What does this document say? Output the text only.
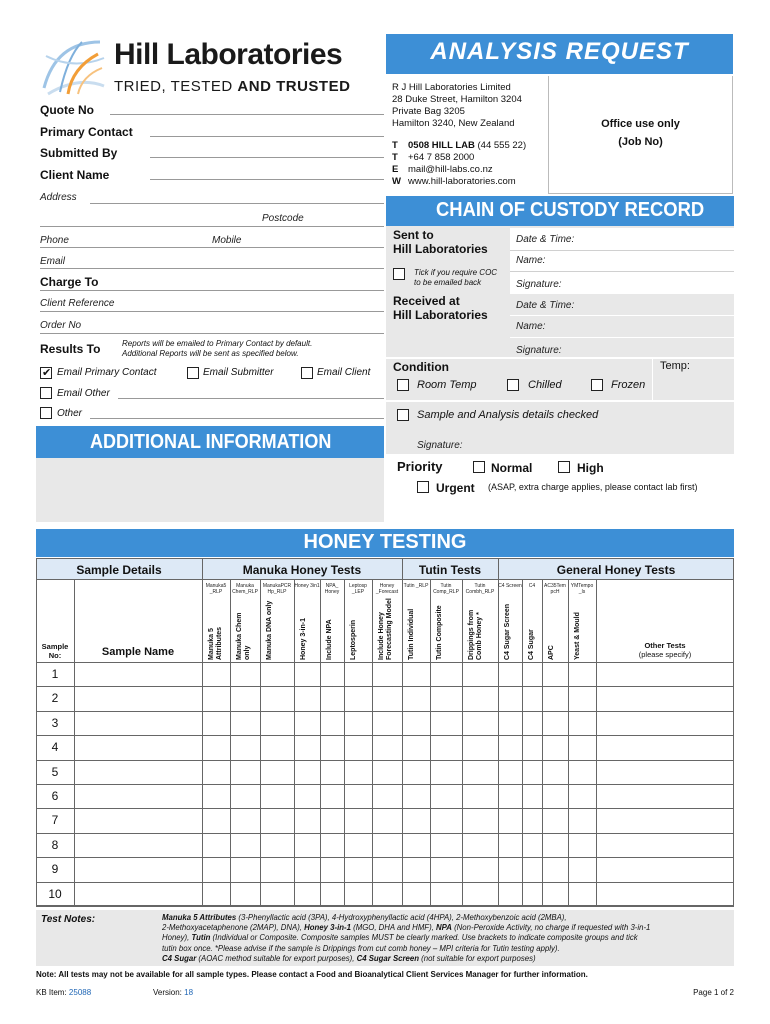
Hill Laboratories
TRIED, TESTED AND TRUSTED
ANALYSIS REQUEST
R J Hill Laboratories Limited
28 Duke Street, Hamilton 3204
Private Bag 3205
Hamilton 3240, New Zealand
T 0508 HILL LAB (44 555 22)
T +64 7 858 2000
E mail@hill-labs.co.nz
W www.hill-laboratories.com
Office use only
(Job No)
Quote No
Primary Contact
Submitted By
Client Name
Address
Postcode
Phone	Mobile
Email
Charge To
Client Reference
Order No
Results To	Reports will be emailed to Primary Contact by default.
Additional Reports will be sent as specified below.
✔ Email Primary Contact	Email Submitter	Email Client
Email Other
Other
ADDITIONAL INFORMATION
CHAIN OF CUSTODY RECORD
Sent to
Hill Laboratories
Date & Time:
Name:
Tick if you require COC
to be emailed back	Signature:
Received at
Hill Laboratories
Date & Time:
Name:
Signature:
Condition	Temp:
Room Temp	Chilled	Frozen
Sample and Analysis details checked
Signature:
Priority	Normal	High
Urgent (ASAP, extra charge applies, please contact lab first)
HONEY TESTING
Sample Details	Manuka Honey Tests	Tutin Tests	General Honey Tests
Sample No:	Sample Name
Other Tests
(please specify)
Manuka5 _RLP
Manuka 5 Attributes
Manuka Chem_RLP
Manuka Chem only
ManukaPCR Hp_RLP
Manuka DNA only
Honey 3in1
Honey 3-in-1
NPA_ Honey
Include NPA
Leptosp _LEP
Leptosperin
Honey _Forecast
Include Honey Forecasting Model
Tutin _RLP
Tutin Individual
Tutin Comp_RLP
Tutin Composite
Tutin Combh_RLP
Drippings from Comb Honey *
C4 Screen
C4 Sugar Screen
C4
C4 Sugar
AC35Tem pcH
APC
YMTempo _ls
Yeast & Mould
1
2
3
4
5
6
7
8
9
10
Test Notes:	Manuka 5 Attributes (3-Phenyllactic acid (3PA), 4-Hydroxyphenyllactic acid (4HPA), 2-Methoxybenzoic acid (2MBA),
2-Methoxyacetaphenone (2MAP), DNA), Honey 3-in-1 (MGO, DHA and HMF), NPA (Non-Peroxide Activity, no charge if requested with 3-in-1
Honey), Tutin (Individual or Composite. Composite samples MUST be clearly marked. Use brackets to indicate composite groups and tick
tutin box once. *Please advise if the sample is Drippings from cut comb honey – MPI criteria for Tutin testing apply).
C4 Sugar (AOAC method suitable for export purposes), C4 Sugar Screen (not suitable for export purposes)
Note: All tests may not be available for all sample types. Please contact a Food and Bioanalytical Client Services Manager for further information.
KB Item: 25088	Version: 18	Page 1 of 2
